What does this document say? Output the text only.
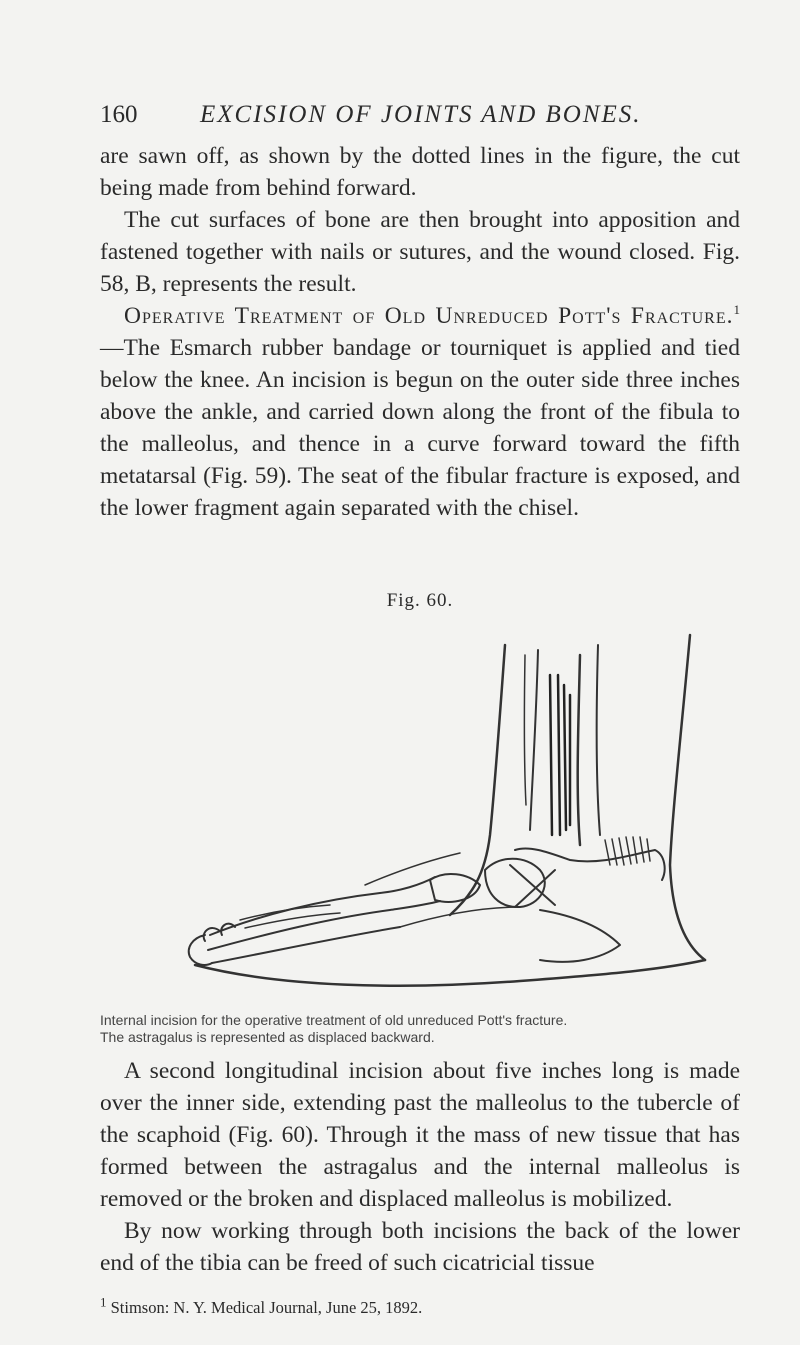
160	EXCISION OF JOINTS AND BONES.

are sawn off, as shown by the dotted lines in the figure, the cut being made from behind forward.

The cut surfaces of bone are then brought into apposition and fastened together with nails or sutures, and the wound closed. Fig. 58, B, represents the result.

Operative Treatment of Old Unreduced Pott's Fracture.$^1$—The Esmarch rubber bandage or tourniquet is applied and tied below the knee. An incision is begun on the outer side three inches above the ankle, and carried down along the front of the fibula to the malleolus, and thence in a curve forward toward the fifth metatarsal (Fig. 59). The seat of the fibular fracture is exposed, and the lower fragment again separated with the chisel.

Fig. 60.

Internal incision for the operative treatment of old unreduced Pott's fracture.

The astragalus is represented as displaced backward.

A second longitudinal incision about five inches long is made over the inner side, extending past the malleolus to the tubercle of the scaphoid (Fig. 60). Through it the mass of new tissue that has formed between the astragalus and the internal malleolus is removed or the broken and displaced malleolus is mobilized.

By now working through both incisions the back of the lower end of the tibia can be freed of such cicatricial tissue

$^1$ Stimson: N. Y. Medical Journal, June 25, 1892.
